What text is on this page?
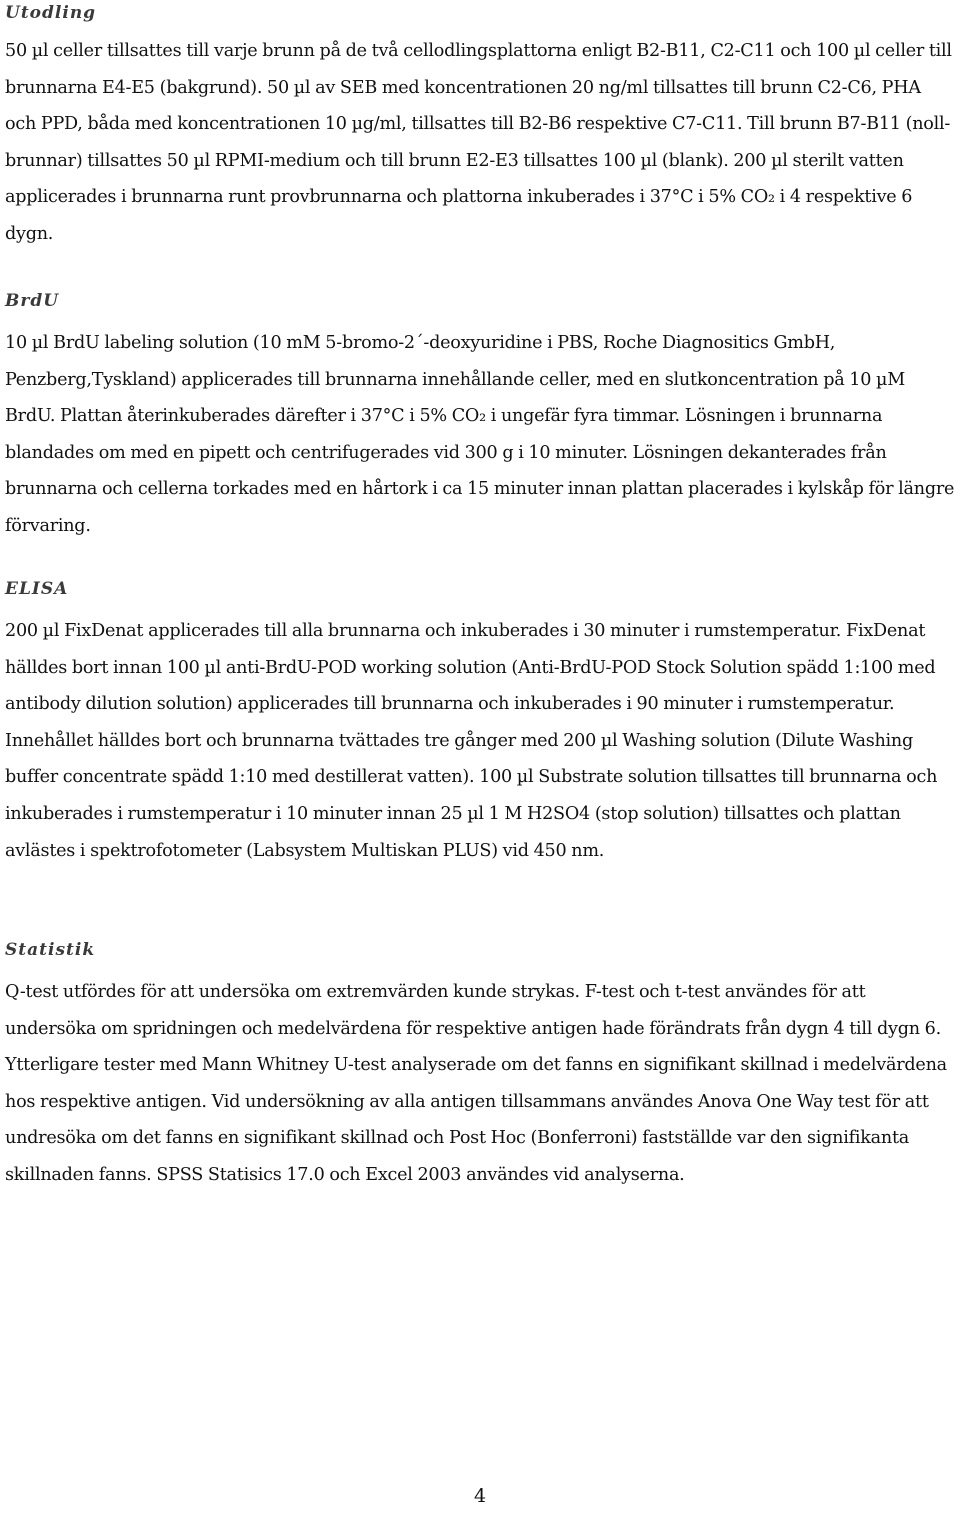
Utodling

50 µl celler tillsattes till varje brunn på de två cellodlingsplattorna enligt B2-B11, C2-C11 och 100 µl celler till brunnarna E4-E5 (bakgrund). 50 µl av SEB med koncentrationen 20 ng/ml tillsattes till brunn C2-C6, PHA och PPD, båda med koncentrationen 10 µg/ml, tillsattes till B2-B6 respektive C7-C11. Till brunn B7-B11 (noll-brunnar) tillsattes 50 µl RPMI-medium och till brunn E2-E3 tillsattes 100 µl (blank). 200 µl sterilt vatten applicerades i brunnarna runt provbrunnarna och plattorna inkuberades i 37°C i 5% CO₂ i 4 respektive 6 dygn.

BrdU

10 µl BrdU labeling solution (10 mM 5-bromo-2´-deoxyuridine i PBS, Roche Diagnositics GmbH, Penzberg,Tyskland) applicerades till brunnarna innehållande celler, med en slutkoncentration på 10 µM BrdU. Plattan återinkuberades därefter i 37°C i 5% CO₂ i ungefär fyra timmar. Lösningen i brunnarna blandades om med en pipett och centrifugerades vid 300 g i 10 minuter. Lösningen dekanterades från brunnarna och cellerna torkades med en hårtork i ca 15 minuter innan plattan placerades i kylskåp för längre förvaring.

ELISA

200 µl FixDenat applicerades till alla brunnarna och inkuberades i 30 minuter i rumstemperatur. FixDenat hälldes bort innan 100 µl anti-BrdU-POD working solution (Anti-BrdU-POD Stock Solution spädd 1:100 med antibody dilution solution) applicerades till brunnarna och inkuberades i 90 minuter i rumstemperatur. Innehållet hälldes bort och brunnarna tvättades tre gånger med 200 µl Washing solution (Dilute Washing buffer concentrate spädd 1:10 med destillerat vatten). 100 µl Substrate solution tillsattes till brunnarna och inkuberades i rumstemperatur i 10 minuter innan 25 µl 1 M H2SO4 (stop solution) tillsattes och plattan avlästes i spektrofotometer (Labsystem Multiskan PLUS) vid 450 nm.

Statistik

Q-test utfördes för att undersöka om extremvärden kunde strykas. F-test och t-test användes för att undersöka om spridningen och medelvärdena för respektive antigen hade förändrats från dygn 4 till dygn 6. Ytterligare tester med Mann Whitney U-test analyserade om det fanns en signifikant skillnad i medelvärdena hos respektive antigen. Vid undersökning av alla antigen tillsammans användes Anova One Way test för att undresöka om det fanns en signifikant skillnad och Post Hoc (Bonferroni) fastställde var den signifikanta skillnaden fanns. SPSS Statisics 17.0 och Excel 2003 användes vid analyserna.

4
